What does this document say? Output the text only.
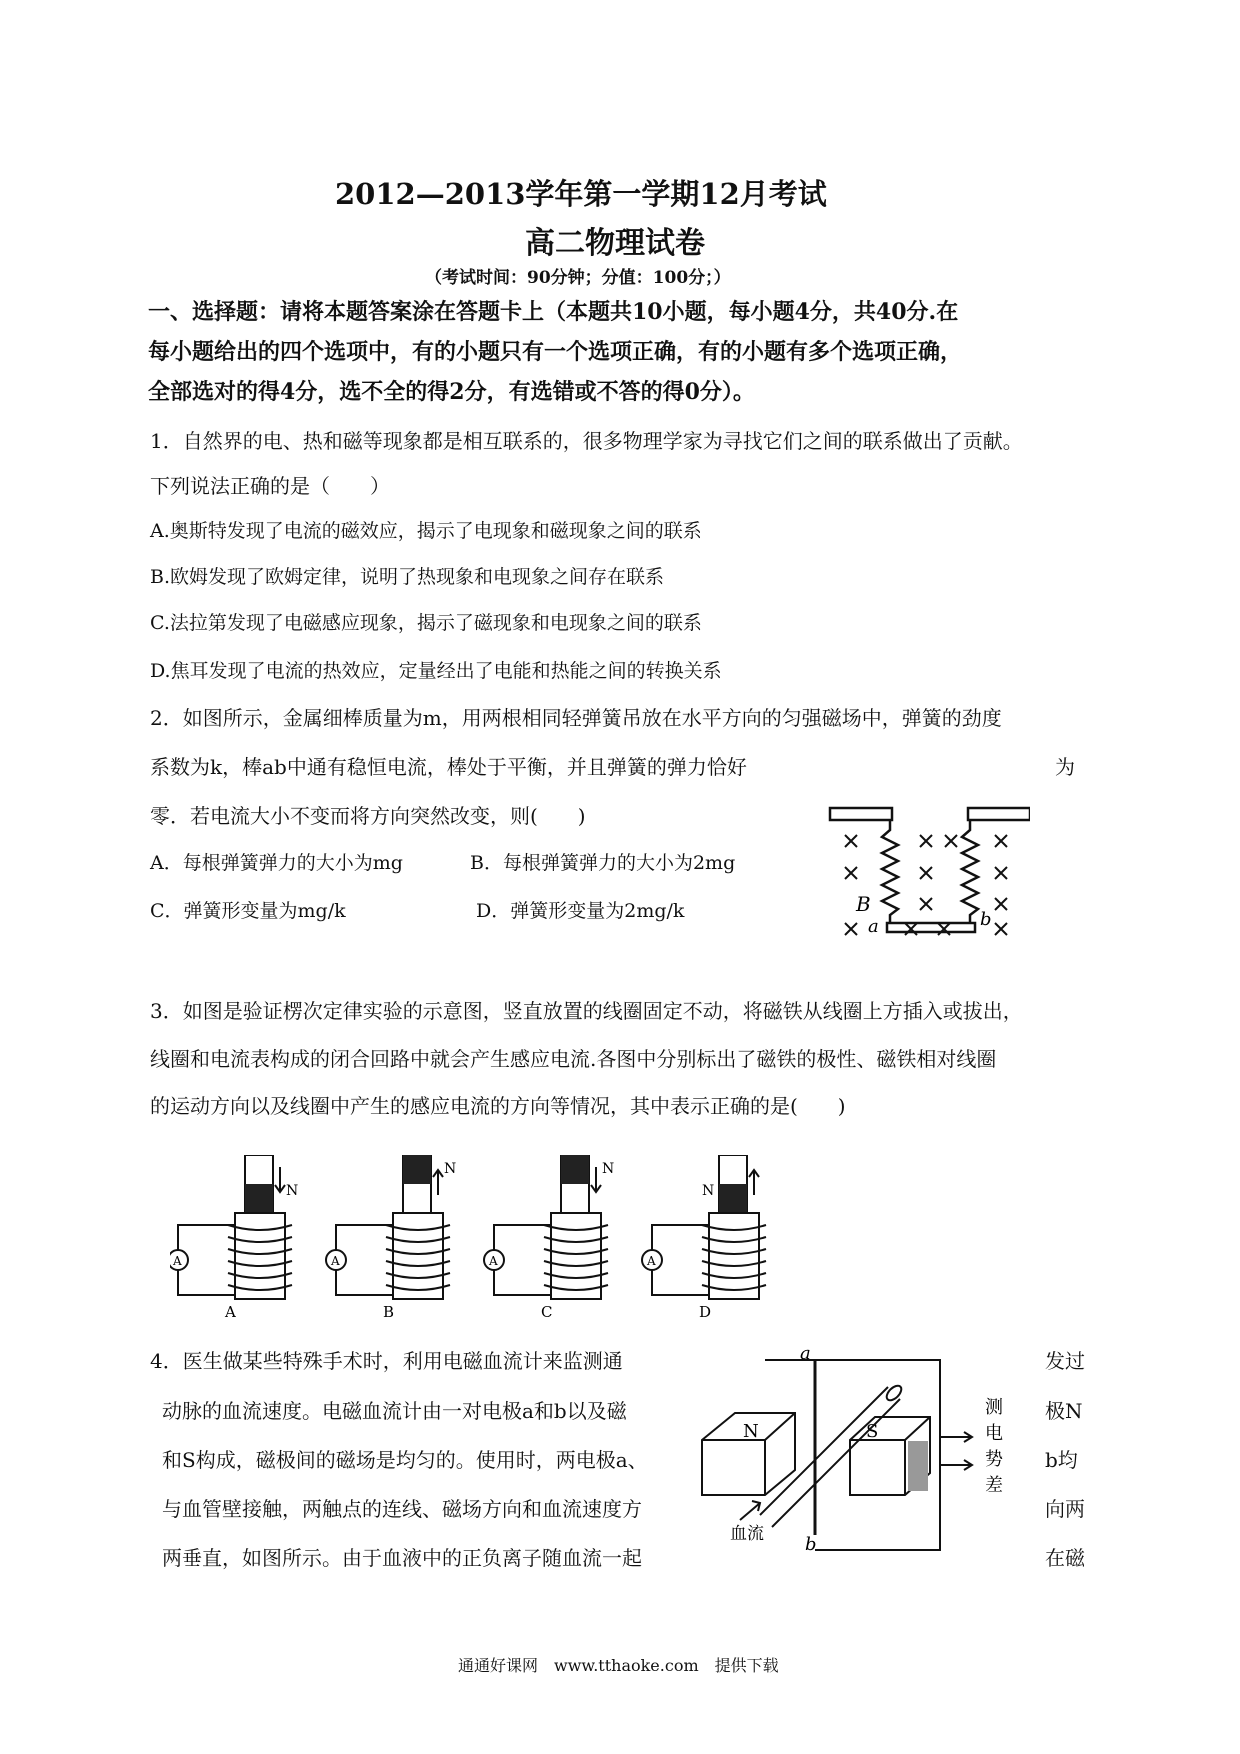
2012—2013学年第一学期12月考试
高二物理试卷
（考试时间：90分钟；分值：100分；）
一、选择题：请将本题答案涂在答题卡上（本题共10小题，每小题4分，共40分.在
每小题给出的四个选项中，有的小题只有一个选项正确，有的小题有多个选项正确，
全部选对的得4分，选不全的得2分，有选错或不答的得0分）。
1．自然界的电、热和磁等现象都是相互联系的，很多物理学家为寻找它们之间的联系做出了贡献。
下列说法正确的是（　　）
A.奥斯特发现了电流的磁效应，揭示了电现象和磁现象之间的联系
B.欧姆发现了欧姆定律，说明了热现象和电现象之间存在联系
C.法拉第发现了电磁感应现象，揭示了磁现象和电现象之间的联系
D.焦耳发现了电流的热效应，定量经出了电能和热能之间的转换关系
2．如图所示，金属细棒质量为m，用两根相同轻弹簧吊放在水平方向的匀强磁场中，弹簧的劲度
系数为k，棒ab中通有稳恒电流，棒处于平衡，并且弹簧的弹力恰好	为
零．若电流大小不变而将方向突然改变，则(　　)
A．每根弹簧弹力的大小为mg	B．每根弹簧弹力的大小为2mg
C．弹簧形变量为mg/k	D．弹簧形变量为2mg/k	B
a	b
3．如图是验证楞次定律实验的示意图，竖直放置的线圈固定不动，将磁铁从线圈上方插入或拔出，
线圈和电流表构成的闭合回路中就会产生感应电流.各图中分别标出了磁铁的极性、磁铁相对线圈
的运动方向以及线圈中产生的感应电流的方向等情况，其中表示正确的是(　　)
N
A
A
N
A
B
N
A
C
N
A
D
4．医生做某些特殊手术时，利用电磁血流计来监测通	发过
动脉的血流速度。电磁血流计由一对电极a和b以及磁	极N
和S构成，磁极间的磁场是均匀的。使用时，两电极a、	b均
与血管壁接触，两触点的连线、磁场方向和血流速度方	向两
两垂直，如图所示。由于血液中的正负离子随血流一起	在磁
a
b
N	S
血流
测
电
势
差
通通好课网　www.tthaoke.com　提供下载
